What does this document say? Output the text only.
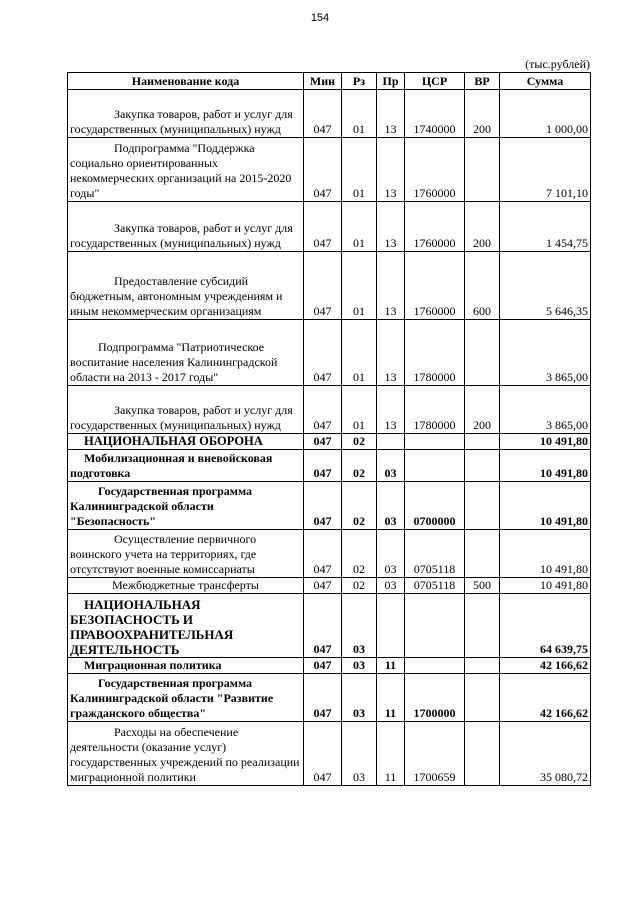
154
(тыс.рублей)
Наименование кода	Мин	Рз	Пр	ЦСР	ВР	Сумма
Закупка товаров, работ и услуг для государственных (муниципальных) нужд	047	01	13	1740000	200	1 000,00
Подпрограмма "Поддержка социально ориентированных некоммерческих организаций на 2015-2020 годы"	047	01	13	1760000		7 101,10
Закупка товаров, работ и услуг для государственных (муниципальных) нужд	047	01	13	1760000	200	1 454,75
Предоставление субсидий бюджетным, автономным учреждениям и иным некоммерческим организациям	047	01	13	1760000	600	5 646,35
Подпрограмма "Патриотическое воспитание населения Калининградской области на 2013 - 2017 годы"	047	01	13	1780000		3 865,00
Закупка товаров, работ и услуг для государственных (муниципальных) нужд	047	01	13	1780000	200	3 865,00
НАЦИОНАЛЬНАЯ ОБОРОНА	047	02				10 491,80
Мобилизационная и вневойсковая подготовка	047	02	03			10 491,80
Государственная программа Калининградской области "Безопасность"	047	02	03	0700000		10 491,80
Осуществление первичного воинского учета на территориях, где отсутствуют военные комиссариаты	047	02	03	0705118		10 491,80
Межбюджетные трансферты	047	02	03	0705118	500	10 491,80
НАЦИОНАЛЬНАЯ БЕЗОПАСНОСТЬ И ПРАВООХРАНИТЕЛЬНАЯ ДЕЯТЕЛЬНОСТЬ	047	03				64 639,75
Миграционная политика	047	03	11			42 166,62
Государственная программа Калининградской области "Развитие гражданского общества"	047	03	11	1700000		42 166,62
Расходы на обеспечение деятельности (оказание услуг) государственных учреждений по реализации миграционной политики	047	03	11	1700659		35 080,72
